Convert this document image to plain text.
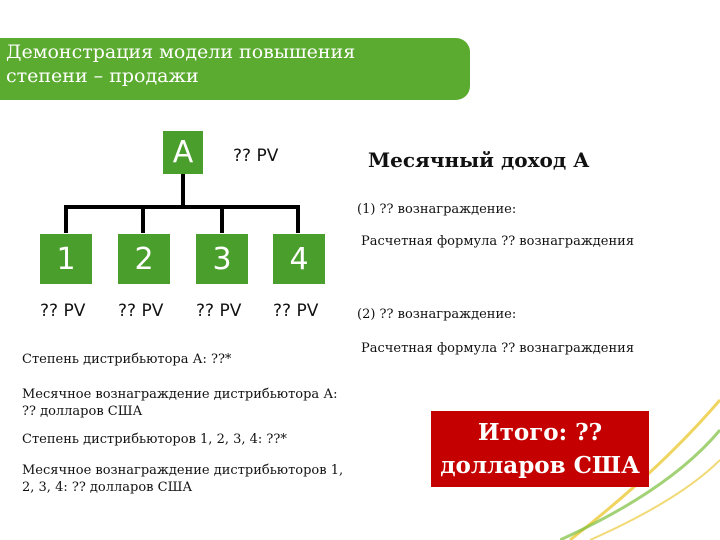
Демонстрация модели повышения
степени – продажи
A	?? PV
1	2	3	4
?? PV ?? PV ?? PV ?? PV
Месячный доход А
(1) ?? вознаграждение:
Расчетная формула ?? вознаграждения
(2) ?? вознаграждение:
Расчетная формула ?? вознаграждения
Степень дистрибьютора А: ??*
Месячное вознаграждение дистрибьютора А:
?? долларов США
Степень дистрибьюторов 1, 2, 3, 4: ??*
Месячное вознаграждение дистрибьюторов 1,
2, 3, 4: ?? долларов США
Итого: ??
долларов США
